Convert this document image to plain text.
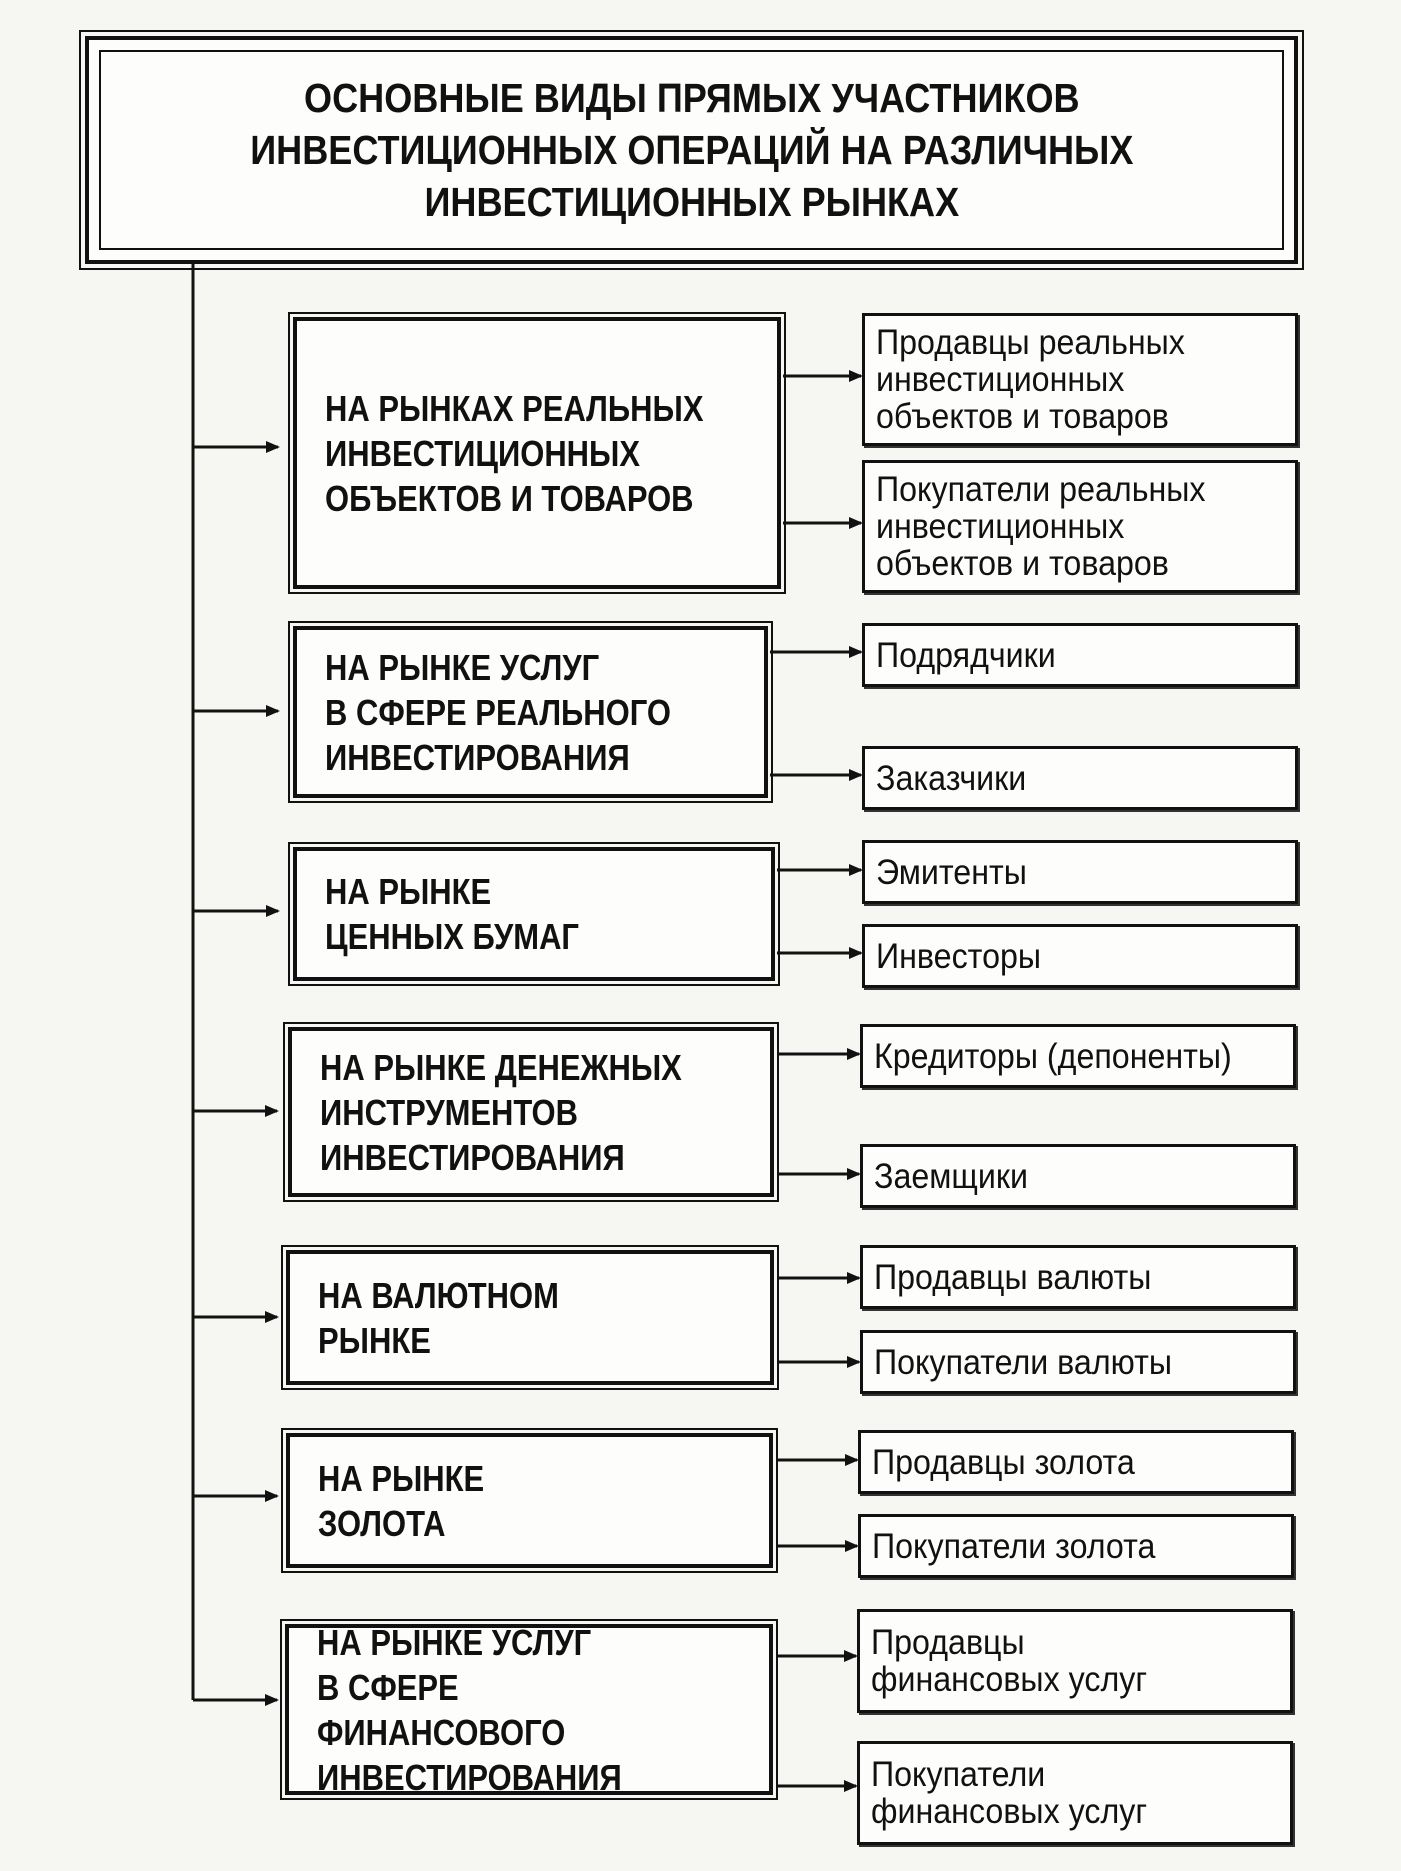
ОСНОВНЫЕ ВИДЫ ПРЯМЫХ УЧАСТНИКОВ
ИНВЕСТИЦИОННЫХ ОПЕРАЦИЙ НА РАЗЛИЧНЫХ
ИНВЕСТИЦИОННЫХ РЫНКАХ
НА РЫНКАХ РЕАЛЬНЫХ
ИНВЕСТИЦИОННЫХ
ОБЪЕКТОВ И ТОВАРОВ
Продавцы реальных
инвестиционных
объектов и товаров
Покупатели реальных
инвестиционных
объектов и товаров
НА РЫНКЕ УСЛУГ
В СФЕРЕ РЕАЛЬНОГО
ИНВЕСТИРОВАНИЯ
Подрядчики
Заказчики
НА РЫНКЕ
ЦЕННЫХ БУМАГ
Эмитенты
Инвесторы
НА РЫНКЕ ДЕНЕЖНЫХ
ИНСТРУМЕНТОВ
ИНВЕСТИРОВАНИЯ
Кредиторы (депоненты)
Заемщики
НА ВАЛЮТНОМ
РЫНКЕ
Продавцы валюты
Покупатели валюты
НА РЫНКЕ
ЗОЛОТА
Продавцы золота
Покупатели золота
НА РЫНКЕ УСЛУГ
В СФЕРЕ ФИНАНСОВОГО
ИНВЕСТИРОВАНИЯ
Продавцы
финансовых услуг
Покупатели
финансовых услуг
